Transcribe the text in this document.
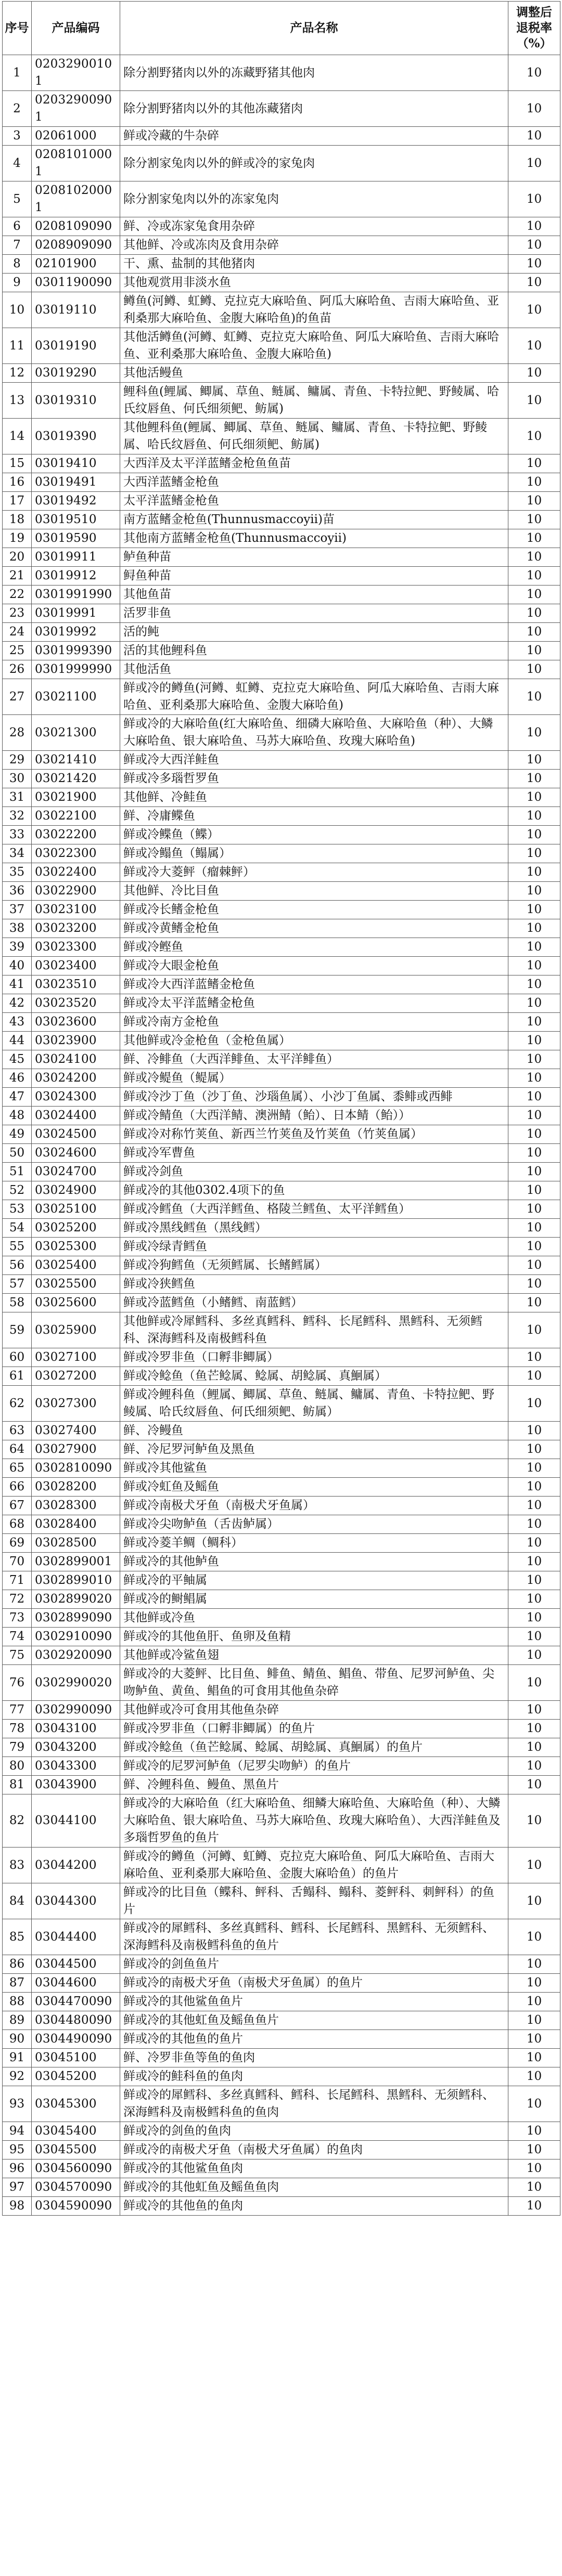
序号	产品编码	产品名称	调整后退税率（%）
1	02032900101	除分割野猪肉以外的冻藏野猪其他肉	10
2	02032900901	除分割野猪肉以外的其他冻藏猪肉	10
3	02061000	鲜或冷藏的牛杂碎	10
4	02081010001	除分割家兔肉以外的鲜或冷的家兔肉	10
5	02081020001	除分割家兔肉以外的冻家兔肉	10
6	0208109090	鲜、冷或冻家兔食用杂碎	10
7	0208909090	其他鲜、冷或冻肉及食用杂碎	10
8	02101900	干、熏、盐制的其他猪肉	10
9	0301190090	其他观赏用非淡水鱼	10
10	03019110	鳟鱼(河鳟、虹鳟、克拉克大麻哈鱼、阿瓜大麻哈鱼、吉雨大麻哈鱼、亚利桑那大麻哈鱼、金腹大麻哈鱼)的鱼苗	10
11	03019190	其他活鳟鱼(河鳟、虹鳟、克拉克大麻哈鱼、阿瓜大麻哈鱼、吉雨大麻哈鱼、亚利桑那大麻哈鱼、金腹大麻哈鱼)	10
12	03019290	其他活鳗鱼	10
13	03019310	鲤科鱼(鲤属、鲫属、草鱼、鲢属、鳙属、青鱼、卡特拉鲃、野鲮属、哈氏纹唇鱼、何氏细须鲃、鲂属)	10
14	03019390	其他鲤科鱼(鲤属、鲫属、草鱼、鲢属、鳙属、青鱼、卡特拉鲃、野鲮属、哈氏纹唇鱼、何氏细须鲃、鲂属)	10
15	03019410	大西洋及太平洋蓝鳍金枪鱼鱼苗	10
16	03019491	大西洋蓝鳍金枪鱼	10
17	03019492	太平洋蓝鳍金枪鱼	10
18	03019510	南方蓝鳍金枪鱼(Thunnusmaccoyii)苗	10
19	03019590	其他南方蓝鳍金枪鱼(Thunnusmaccoyii)	10
20	03019911	鲈鱼种苗	10
21	03019912	鲟鱼种苗	10
22	0301991990	其他鱼苗	10
23	03019991	活罗非鱼	10
24	03019992	活的鲀	10
25	0301999390	活的其他鲤科鱼	10
26	0301999990	其他活鱼	10
27	03021100	鲜或冷的鳟鱼(河鳟、虹鳟、克拉克大麻哈鱼、阿瓜大麻哈鱼、吉雨大麻哈鱼、亚利桑那大麻哈鱼、金腹大麻哈鱼)	10
28	03021300	鲜或冷的大麻哈鱼(红大麻哈鱼、细磷大麻哈鱼、大麻哈鱼（种）、大鳞大麻哈鱼、银大麻哈鱼、马苏大麻哈鱼、玫瑰大麻哈鱼)	10
29	03021410	鲜或冷大西洋鲑鱼	10
30	03021420	鲜或冷多瑙哲罗鱼	10
31	03021900	其他鲜、冷鲑鱼	10
32	03022100	鲜、冷庸鲽鱼	10
33	03022200	鲜或冷鲽鱼（鲽）	10
34	03022300	鲜或冷鳎鱼（鳎属）	10
35	03022400	鲜或冷大菱鲆（瘤棘鲆）	10
36	03022900	其他鲜、冷比目鱼	10
37	03023100	鲜或冷长鳍金枪鱼	10
38	03023200	鲜或冷黄鳍金枪鱼	10
39	03023300	鲜或冷鲣鱼	10
40	03023400	鲜或冷大眼金枪鱼	10
41	03023510	鲜或冷大西洋蓝鳍金枪鱼	10
42	03023520	鲜或冷太平洋蓝鳍金枪鱼	10
43	03023600	鲜或冷南方金枪鱼	10
44	03023900	其他鲜或冷金枪鱼（金枪鱼属）	10
45	03024100	鲜、冷鲱鱼（大西洋鲱鱼、太平洋鲱鱼）	10
46	03024200	鲜或冷鳀鱼（鳀属）	10
47	03024300	鲜或冷沙丁鱼（沙丁鱼、沙瑙鱼属）、小沙丁鱼属、黍鲱或西鲱	10
48	03024400	鲜或冷鲭鱼（大西洋鲭、澳洲鲭（鲐）、日本鲭（鲐））	10
49	03024500	鲜或冷对称竹荚鱼、新西兰竹荚鱼及竹荚鱼（竹荚鱼属）	10
50	03024600	鲜或冷军曹鱼	10
51	03024700	鲜或冷剑鱼	10
52	03024900	鲜或冷的其他0302.4项下的鱼	10
53	03025100	鲜或冷鳕鱼（大西洋鳕鱼、格陵兰鳕鱼、太平洋鳕鱼）	10
54	03025200	鲜或冷黑线鳕鱼（黑线鳕）	10
55	03025300	鲜或冷绿青鳕鱼	10
56	03025400	鲜或冷狗鳕鱼（无须鳕属、长鳍鳕属）	10
57	03025500	鲜或冷狭鳕鱼	10
58	03025600	鲜或冷蓝鳕鱼（小鳍鳕、南蓝鳕）	10
59	03025900	其他鲜或冷犀鳕科、多丝真鳕科、鳕科、长尾鳕科、黑鳕科、无须鳕科、深海鳕科及南极鳕科鱼	10
60	03027100	鲜或冷罗非鱼（口孵非鲫属）	10
61	03027200	鲜或冷鲶鱼（鱼芒鲶属、鲶属、胡鲶属、真鮰属）	10
62	03027300	鲜或冷鲤科鱼（鲤属、鲫属、草鱼、鲢属、鳙属、青鱼、卡特拉鲃、野鲮属、哈氏纹唇鱼、何氏细须鲃、鲂属）	10
63	03027400	鲜、冷鳗鱼	10
64	03027900	鲜、冷尼罗河鲈鱼及黑鱼	10
65	0302810090	鲜或冷其他鲨鱼	10
66	03028200	鲜或冷虹鱼及鳐鱼	10
67	03028300	鲜或冷南极犬牙鱼（南极犬牙鱼属）	10
68	03028400	鲜或冷尖吻鲈鱼（舌齿鲈属）	10
69	03028500	鲜或冷菱羊鲷（鲷科）	10
70	0302899001	鲜或冷的其他鲈鱼	10
71	0302899010	鲜或冷的平鲉属	10
72	0302899020	鲜或冷的鲥鲳属	10
73	0302899090	其他鲜或冷鱼	10
74	0302910090	鲜或冷的其他鱼肝、鱼卵及鱼精	10
75	0302920090	其他鲜或冷鲨鱼翅	10
76	0302990020	鲜或冷的大菱鲆、比目鱼、鲱鱼、鲭鱼、鲳鱼、带鱼、尼罗河鲈鱼、尖吻鲈鱼、黄鱼、鲳鱼的可食用其他鱼杂碎	10
77	0302990090	其他鲜或冷可食用其他鱼杂碎	10
78	03043100	鲜或冷罗非鱼（口孵非鲫属）的鱼片	10
79	03043200	鲜或冷鲶鱼（鱼芒鲶属、鲶属、胡鲶属、真鮰属）的鱼片	10
80	03043300	鲜或冷的尼罗河鲈鱼（尼罗尖吻鲈）的鱼片	10
81	03043900	鲜、冷鲤科鱼、鳗鱼、黑鱼片	10
82	03044100	鲜或冷的大麻哈鱼（红大麻哈鱼、细鳞大麻哈鱼、大麻哈鱼（种）、大鳞大麻哈鱼、银大麻哈鱼、马苏大麻哈鱼、玫瑰大麻哈鱼）、大西洋鲑鱼及多瑙哲罗鱼的鱼片	10
83	03044200	鲜或冷的鳟鱼（河鳟、虹鳟、克拉克大麻哈鱼、阿瓜大麻哈鱼、吉雨大麻哈鱼、亚利桑那大麻哈鱼、金腹大麻哈鱼）的鱼片	10
84	03044300	鲜或冷的比目鱼（鲽科、鲆科、舌鳎科、鳎科、菱鲆科、刺鲆科）的鱼片	10
85	03044400	鲜或冷的犀鳕科、多丝真鳕科、鳕科、长尾鳕科、黑鳕科、无须鳕科、深海鳕科及南极鳕科鱼的鱼片	10
86	03044500	鲜或冷的剑鱼鱼片	10
87	03044600	鲜或冷的南极犬牙鱼（南极犬牙鱼属）的鱼片	10
88	0304470090	鲜或冷的其他鲨鱼鱼片	10
89	0304480090	鲜或冷的其他虹鱼及鳐鱼鱼片	10
90	0304490090	鲜或冷的其他鱼的鱼片	10
91	03045100	鲜、冷罗非鱼等鱼的鱼肉	10
92	03045200	鲜或冷的鲑科鱼的鱼肉	10
93	03045300	鲜或冷的犀鳕科、多丝真鳕科、鳕科、长尾鳕科、黑鳕科、无须鳕科、深海鳕科及南极鳕科鱼的鱼肉	10
94	03045400	鲜或冷的剑鱼的鱼肉	10
95	03045500	鲜或冷的南极犬牙鱼（南极犬牙鱼属）的鱼肉	10
96	0304560090	鲜或冷的其他鲨鱼鱼肉	10
97	0304570090	鲜或冷的其他虹鱼及鳐鱼鱼肉	10
98	0304590090	鲜或冷的其他鱼的鱼肉	10
